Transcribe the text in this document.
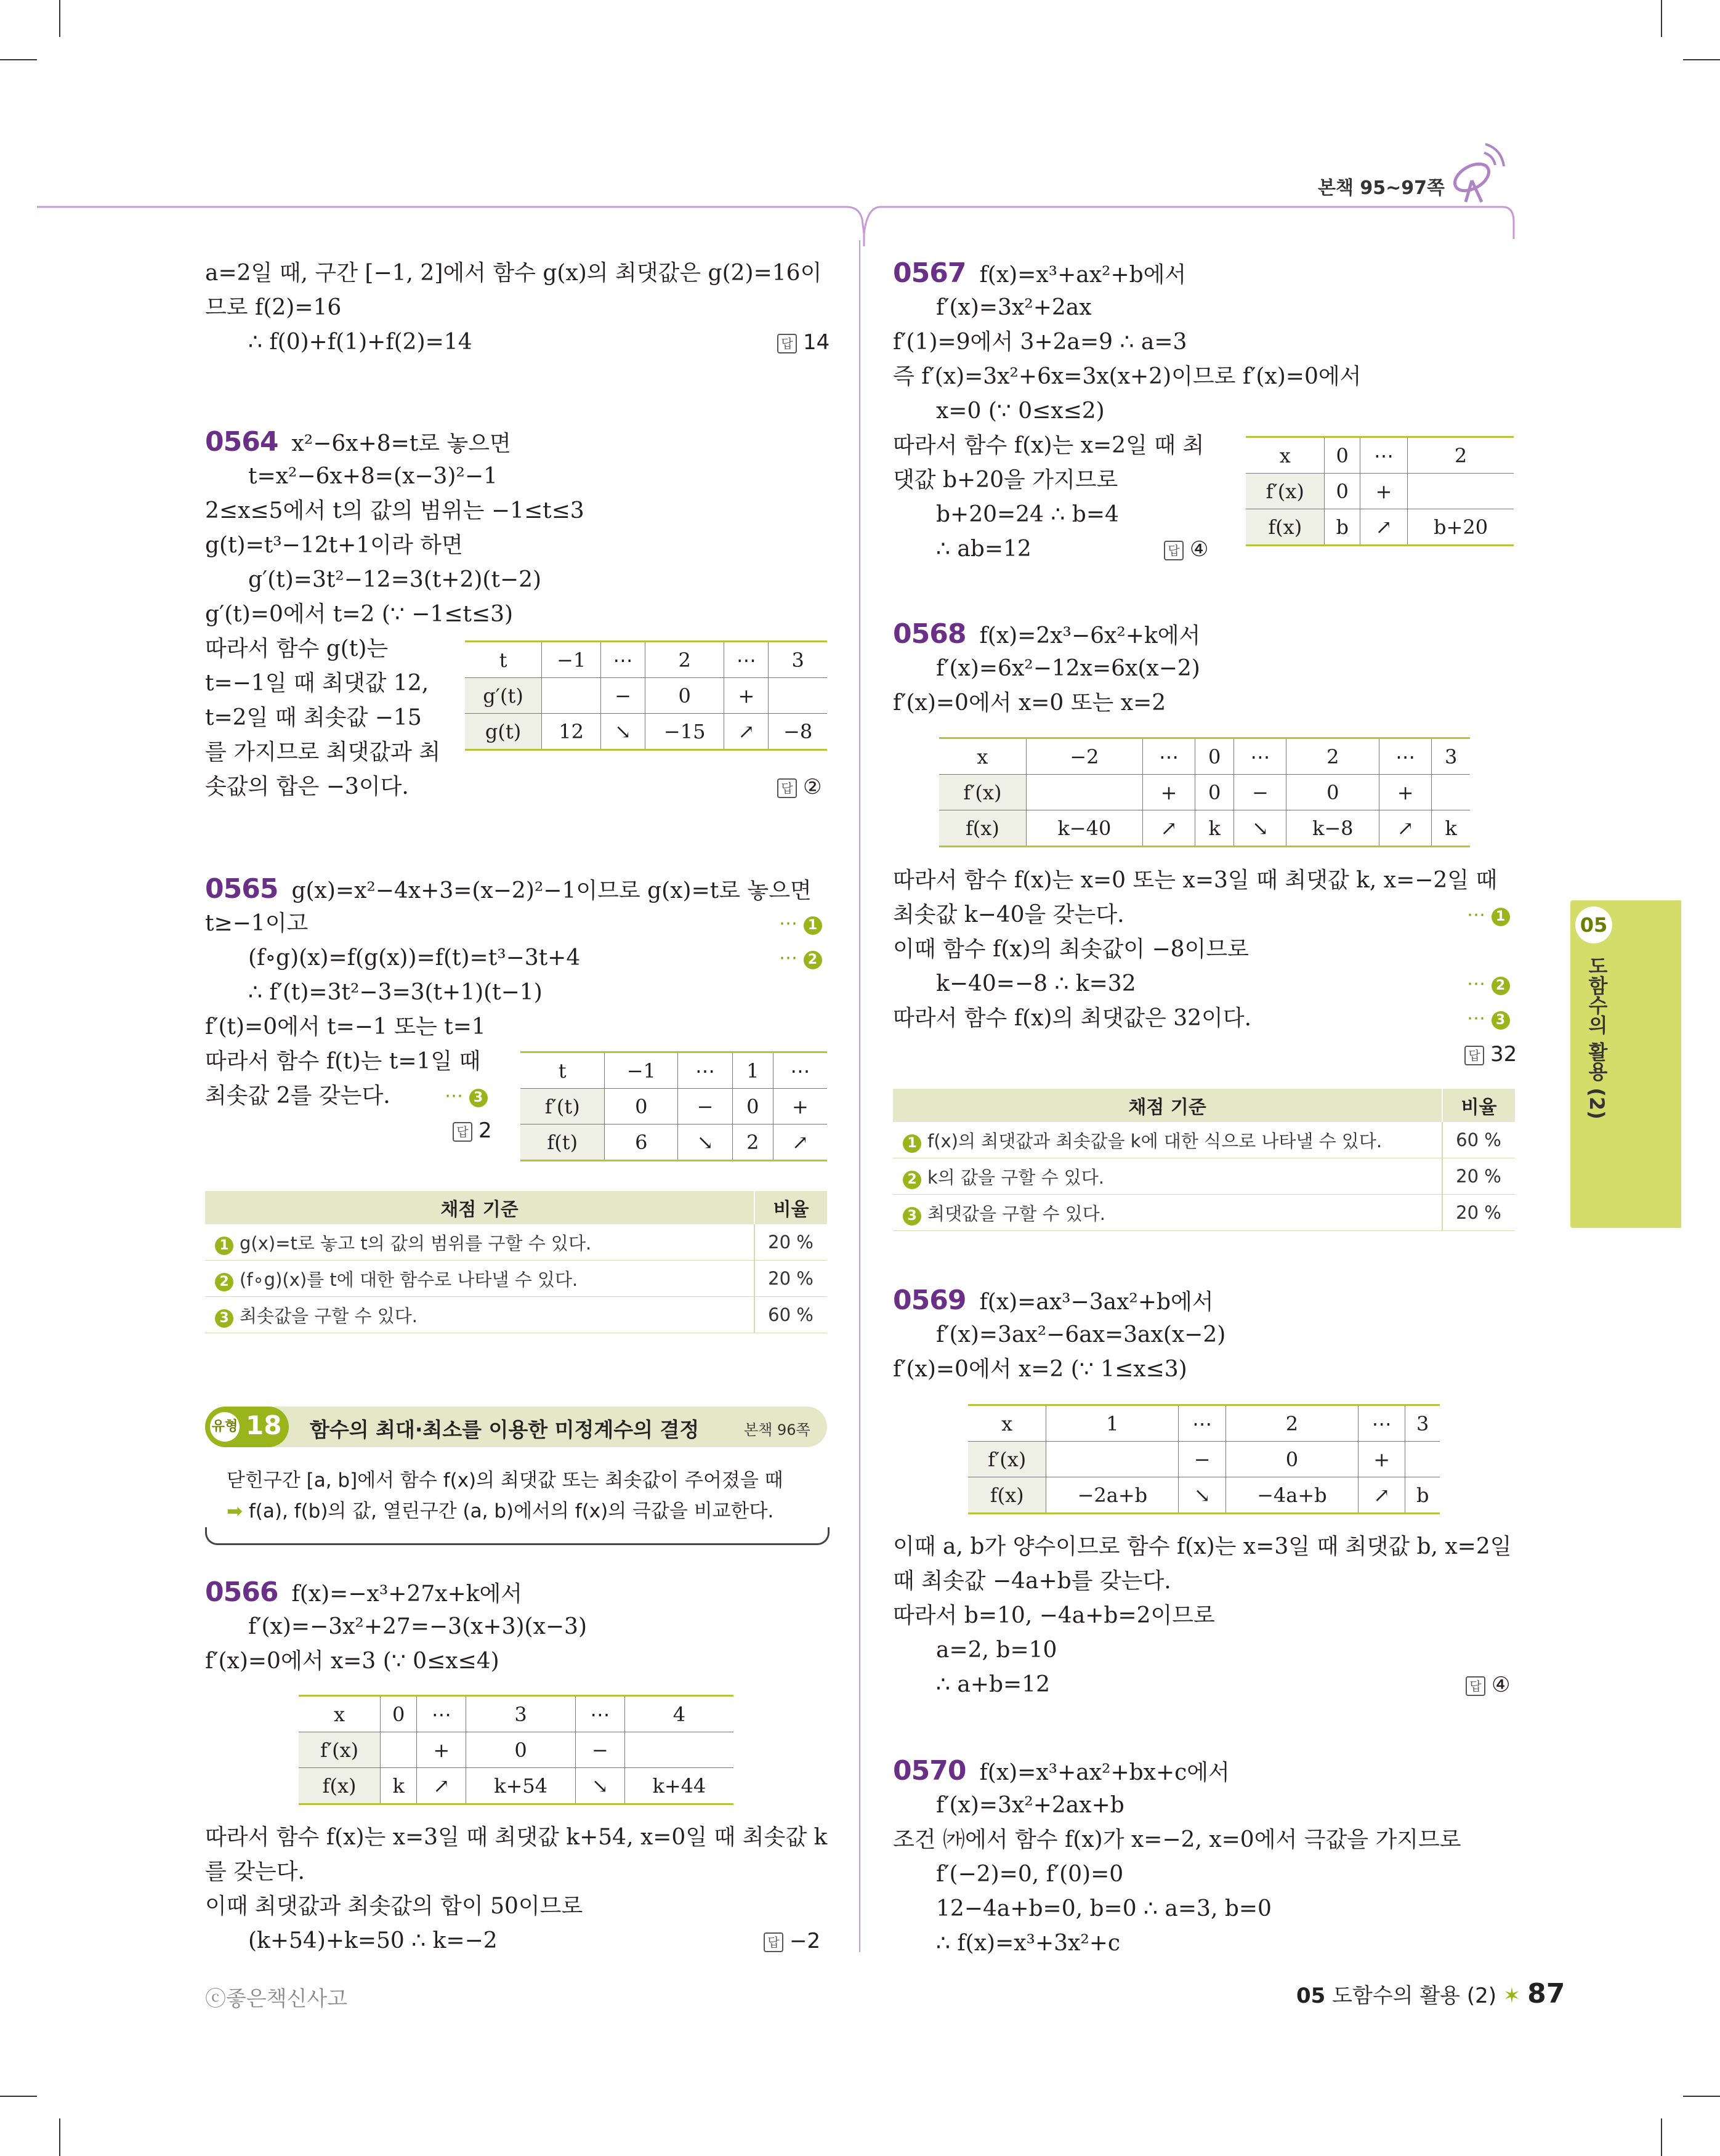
본책 95~97쪽
05
도함수의 활용 (2)
a=2일 때, 구간 [−1, 2]에서 함수 g(x)의 최댓값은 g(2)=16이
므로 f(2)=16
∴ f(0)+f(1)+f(2)=14	답 14
0564 x²−6x+8=t로 놓으면
t=x²−6x+8=(x−3)²−1
2≤x≤5에서 t의 값의 범위는 −1≤t≤3
g(t)=t³−12t+1이라 하면
g′(t)=3t²−12=3(t+2)(t−2)
g′(t)=0에서 t=2 (∵ −1≤t≤3)
따라서 함수 g(t)는
t=−1일 때 최댓값 12,
t=2일 때 최솟값 −15
를 가지므로 최댓값과 최
솟값의 합은 −3이다.	답 ②
t	−1	⋯	2	⋯	3
g′(t)		−	0	+	
g(t)	12	↘	−15	↗	−8
0565 g(x)=x²−4x+3=(x−2)²−1이므로 g(x)=t로 놓으면
t≥−1이고	⋯ 1
(f∘g)(x)=f(g(x))=f(t)=t³−3t+4	⋯ 2
∴ f′(t)=3t²−3=3(t+1)(t−1)
f′(t)=0에서 t=−1 또는 t=1
따라서 함수 f(t)는 t=1일 때
최솟값 2를 갖는다.	⋯ 3
답 2
t	−1	⋯	1	⋯
f′(t)	0	−	0	+
f(t)	6	↘	2	↗
채점 기준	비율
1 g(x)=t로 놓고 t의 값의 범위를 구할 수 있다.	20 %
2 (f∘g)(x)를 t에 대한 함수로 나타낼 수 있다.	20 %
3 최솟값을 구할 수 있다.	60 %
유형 18 함수의 최대·최소를 이용한 미정계수의 결정	본책 96쪽
닫힌구간 [a, b]에서 함수 f(x)의 최댓값 또는 최솟값이 주어졌을 때
➡ f(a), f(b)의 값, 열린구간 (a, b)에서의 f(x)의 극값을 비교한다.
0566 f(x)=−x³+27x+k에서
f′(x)=−3x²+27=−3(x+3)(x−3)
f′(x)=0에서 x=3 (∵ 0≤x≤4)
x	0	⋯	3	⋯	4
f′(x)		+	0	−	
f(x)	k	↗	k+54	↘	k+44
따라서 함수 f(x)는 x=3일 때 최댓값 k+54, x=0일 때 최솟값 k
를 갖는다.
이때 최댓값과 최솟값의 합이 50이므로
(k+54)+k=50 ∴ k=−2	답 −2
0567 f(x)=x³+ax²+b에서
f′(x)=3x²+2ax
f′(1)=9에서 3+2a=9 ∴ a=3
즉 f′(x)=3x²+6x=3x(x+2)이므로 f′(x)=0에서
x=0 (∵ 0≤x≤2)
따라서 함수 f(x)는 x=2일 때 최
댓값 b+20을 가지므로
b+20=24 ∴ b=4
∴ ab=12	답 ④
x	0	⋯	2
f′(x)	0	+	
f(x)	b	↗	b+20
0568 f(x)=2x³−6x²+k에서
f′(x)=6x²−12x=6x(x−2)
f′(x)=0에서 x=0 또는 x=2
x	−2	⋯	0	⋯	2	⋯	3
f′(x)		+	0	−	0	+	
f(x)	k−40	↗	k	↘	k−8	↗	k
따라서 함수 f(x)는 x=0 또는 x=3일 때 최댓값 k, x=−2일 때
최솟값 k−40을 갖는다.	⋯ 1
이때 함수 f(x)의 최솟값이 −8이므로
k−40=−8 ∴ k=32	⋯ 2
따라서 함수 f(x)의 최댓값은 32이다.	⋯ 3
답 32
채점 기준	비율
1 f(x)의 최댓값과 최솟값을 k에 대한 식으로 나타낼 수 있다.	60 %
2 k의 값을 구할 수 있다.	20 %
3 최댓값을 구할 수 있다.	20 %
0569 f(x)=ax³−3ax²+b에서
f′(x)=3ax²−6ax=3ax(x−2)
f′(x)=0에서 x=2 (∵ 1≤x≤3)
x	1	⋯	2	⋯	3
f′(x)		−	0	+	
f(x)	−2a+b	↘	−4a+b	↗	b
이때 a, b가 양수이므로 함수 f(x)는 x=3일 때 최댓값 b, x=2일
때 최솟값 −4a+b를 갖는다.
따라서 b=10, −4a+b=2이므로
a=2, b=10
∴ a+b=12	답 ④
0570 f(x)=x³+ax²+bx+c에서
f′(x)=3x²+2ax+b
조건 ㈎에서 함수 f(x)가 x=−2, x=0에서 극값을 가지므로
f′(−2)=0, f′(0)=0
12−4a+b=0, b=0 ∴ a=3, b=0
∴ f(x)=x³+3x²+c
ⓒ좋은책신사고	05 도함수의 활용 (2) ✶ 87
